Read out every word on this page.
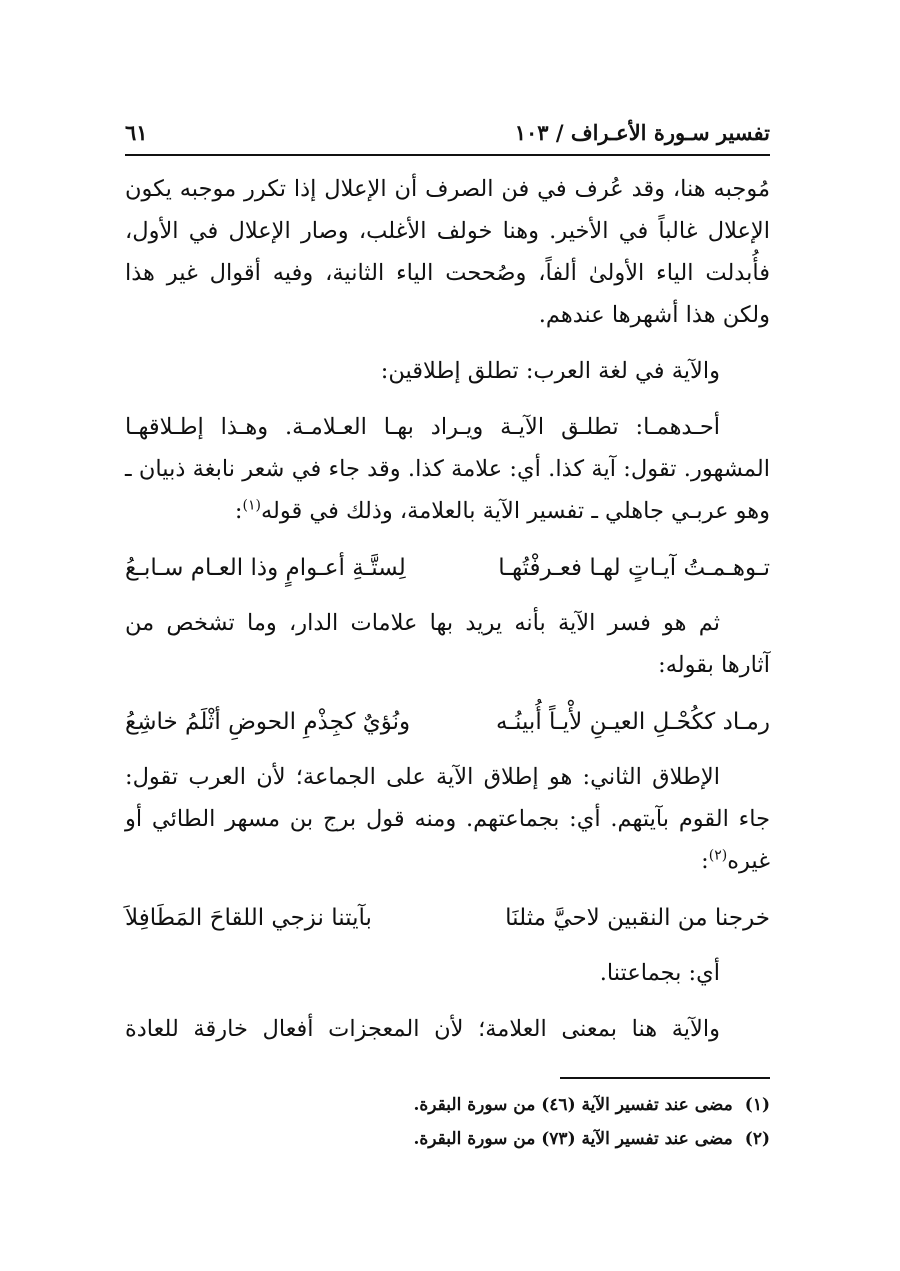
تفسير سـورة الأعـراف / ١٠٣
٦١

مُوجبه هنا، وقد عُرف في فن الصرف أن الإعلال إذا تكرر موجبه يكون الإعلال غالباً في الأخير. وهنا خولف الأغلب، وصار الإعلال في الأول، فأُبدلت الياء الأولىٰ ألفاً، وصُححت الياء الثانية، وفيه أقوال غير هذا ولكن هذا أشهرها عندهم.

والآية في لغة العرب: تطلق إطلاقين:

أحـدهمـا: تطلـق الآيـة ويـراد بهـا العـلامـة. وهـذا إطـلاقهـا المشهور. تقول: آية كذا. أي: علامة كذا. وقد جاء في شعر نابغة ذبيان ـ وهو عربـي جاهلي ـ تفسير الآية بالعلامة، وذلك في قوله$^{(١)}$:

تـوهـمـتُ آيـاتٍ لهـا فعـرفْتُهـا
لِستَّـةِ أعـوامٍ وذا العـام سـابـعُ

ثم هو فسر الآية بأنه يريد بها علامات الدار، وما تشخص من آثارها بقوله:

رمـاد ككُحْـلِ العيـنِ لأْيـاً أُبينُـه
ونُؤيٌ كجِذْمِ الحوضِ أثْلَمُ خاشِعُ

الإطلاق الثاني: هو إطلاق الآية على الجماعة؛ لأن العرب تقول: جاء القوم بآيتهم. أي: بجماعتهم. ومنه قول برج بن مسهر الطائي أو غيره$^{(٢)}$:

خرجنا من النقبين لاحيَّ مثلنَا
بآيتنا نزجي اللقاحَ المَطَافِلاَ

أي: بجماعتنا.

والآية هنا بمعنى العلامة؛ لأن المعجزات أفعال خارقة للعادة

(١)
مضى عند تفسير الآية (٤٦) من سورة البقرة.
(٢)
مضى عند تفسير الآية (٧٣) من سورة البقرة.
